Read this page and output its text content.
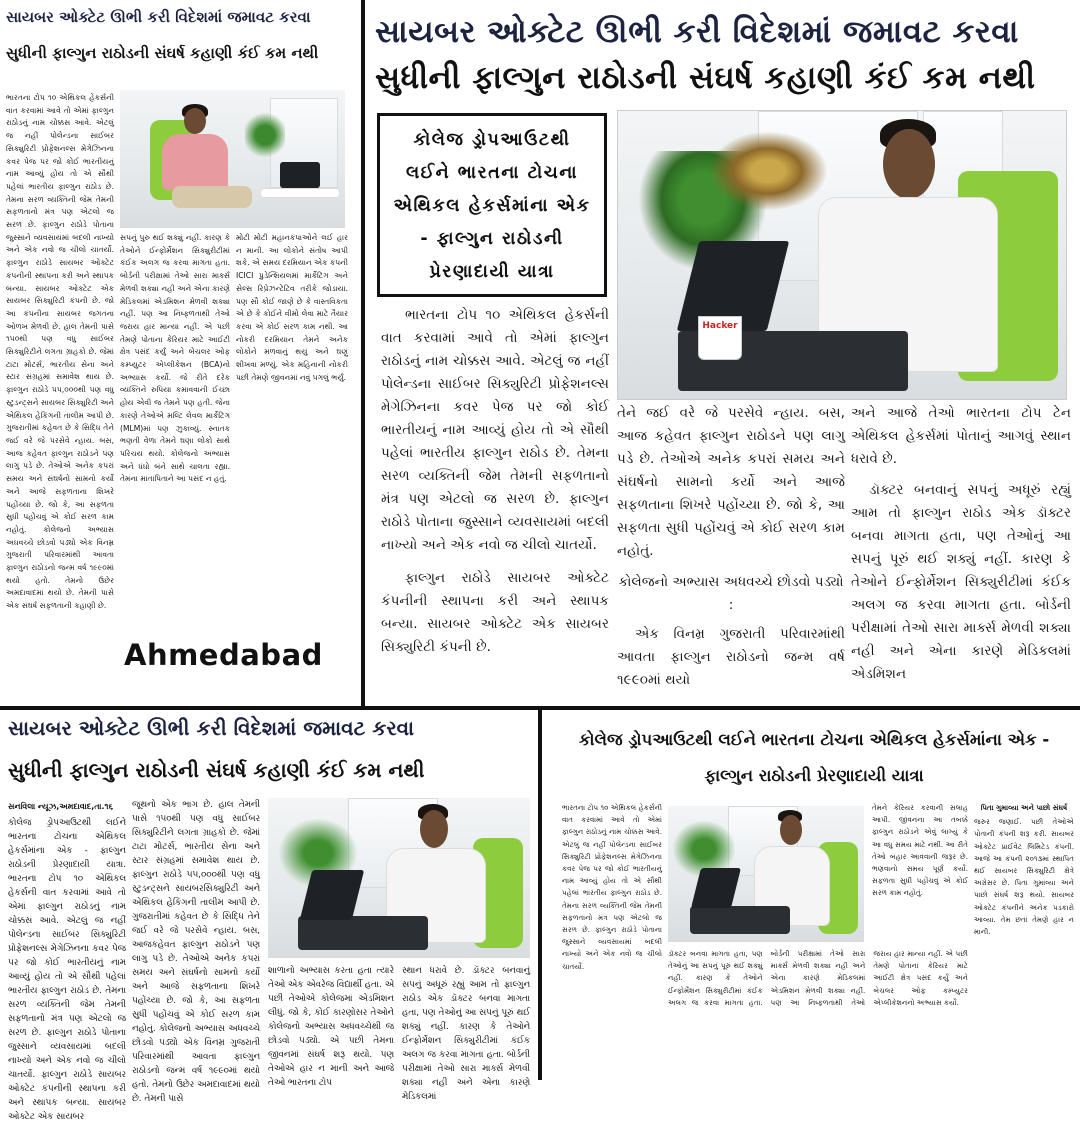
સાયબર ઓક્ટેટ ઊભી કરી વિદેશમાં જમાવટ કરવા
સુધીની ફાલ્ગુન રાઠોડની સંઘર્ષ કહાણી કંઈ કમ નથી

ભારતના ટોપ ૧૦ એથિકલ હેકર્સની વાત કરવામાં આવે તો એમાં ફાલ્ગુન રાઠોડનું નામ ચોક્કસ આવે. એટલું જ નહીં પોલેન્ડના સાઈબર સિક્યુરિટી પ્રોફેશનલ્સ મેગેઝિનના કવર પેજ પર જો કોઈ ભારતીયનું નામ આવ્યું હોય તો એ સૌથી પહેલાં ભારતીય ફાલ્ગુન રાઠોડ છે. તેમના સરળ વ્યક્તિની જેમ તેમની સફળતાનો મંત્ર પણ એટલો જ સરળ છે. ફાલ્ગુન રાઠોડે પોતાના જુસ્સાને વ્યવસાયમાં બદલી નાખ્યો અને એક નવો જ ચીલો ચાતર્યો. ફાલ્ગુન રાઠોડે સાયબર ઓક્ટેટ કંપનીની સ્થાપના કરી અને સ્થાપક બન્યા. સાયબર ઓક્ટેટ એક સાયબર સિક્યુરિટી કંપની છે. જો આ કંપનીના સાયબર જગતના ઓળખ મેળવી છે. હાલ તેમની પાસે ૧૫૦થી પણ વધુ સાઈબર સિક્યુરિટીને લગતા ગ્રાહકો છે. જેમાં ટાટા મોટર્સ, ભારતીય સેના અને સ્ટાર સંગ્રહમાં સમાવેશ થાય છે. ફાલ્ગુન રાઠોડે ૫૫,૦૦૦થી પણ વધુ સ્ટુડન્ટ્સને સાયબર સિક્યુરિટી અને એથિકલ હેકિંગની તાલીમ આપી છે. ગુજરાતીમાં કહેવત છે કે સિદ્ધિ તેને જઈ વરે જે પરસેવે ન્હાય. બસ, આજ કહેવત ફાલ્ગુન રાઠોડને પણ લાગુ પડે છે. તેઓએ અનેક કપરાં સમય અને સંઘર્ષનો સામનો કર્યો અને આજે સફળતાના શિખરે પહોંચ્યા છે. જો કે, આ સફળતા સુધી પહોંચવું એ કોઈ સરળ કામ નહોતું. કોલેજનો અભ્યાસ અધવચ્ચે છોડવો પડ્યો એક વિનમ્ર ગુજરાતી પરિવારમાંથી આવતા ફાલ્ગુન રાઠોડનો જન્મ વર્ષ ૧૯૯૦માં થયો હતો. તેમનો ઉછેર અમદાવાદમાં થયો છે. તેમની પાસે એક સંઘર્ષ સફળતાની કહાણી છે.

સપનું પુરુ થઈ શક્યું નહીં. કારણ કે તેઓને ઈન્ફોર્મેશન સિક્યુરીટીમાં કંઈક અલગ જ કરવા માગતા હતા. બોર્ડની પરીક્ષામાં તેઓ સારા માર્ક્સ મેળવી શક્યા નહી અને એના કારણે મેડિકલમાં એડમિશન મેળવી શક્યા નહીં. પણ આ નિષ્ફળતાથી તેઓ જરાય હાર માન્યા નહીં. એ પછી તેમણે પોતાના કેરિયર માટે આઈટી ક્ષેત્ર પસંદ કર્યું અને બેચલર ઓફ કમ્પ્યુટર એપ્લીકેશન (BCA)નો અભ્યાસ કર્યો. જે રીતે દરેક વ્યક્તિને રુપિયા કમાવવાની ઈચ્છા હોય એવી જ તેમને પણ હતી. જેના કારણે તેઓએ મલ્ટિ લેવલ માર્કેટિંગ (MLM)માં પણ ઝુકાવ્યું. સ્નાતક ભણતી વેળા તેમને ઘણા લોકો સાથે પરિચય થયો. કોલેજનો અભ્યાસ અને ધંધો બંને સાથે ચાલતા રહ્યા. તેમના માતાપિતાને આ પસંદ ન હતું.

મોટી મોટી મહાનકંપાઓને લઈ હાર ન માની. આ લોકોને સંતોષ આપી શકે. એ સમય દરમિયાન એક કંપની ICICI પ્રુડેન્શિયલમાં માર્કેટિંગ અને સેલ્સ રિપ્રેઝન્ટેટિવ તરીકે જોડાયા. પણ સૌ કોઈ જાણે છે કે વાસ્તવિકતા એ છે કે કોઈને વીમો લેવા માટે તૈયાર કરવા એ કોઈ સરળ કામ નથી. આ નોકરી દરમિયાન તેમને અનેક લોકોને મળવાનું થયું અને ઘણું શીખવા મળ્યું. એક મહિનાની નોકરી પછી તેમણે જીવનમાં નવું પગલું ભર્યું.

Ahmedabad
સાયબર ઓક્ટેટ ઊભી કરી વિદેશમાં જમાવટ કરવા
સુધીની ફાલ્ગુન રાઠોડની સંઘર્ષ કહાણી કંઈ કમ નથી
કોલેજ ડ્રોપઆઉટથી લઈને ભારતના ટોચના એથિકલ હેકર્સમાંના એક - ફાલ્ગુન રાઠોડની પ્રેરણાદાયી યાત્રા
Hacker

ભારતના ટોપ ૧૦ એથિકલ હેકર્સની વાત કરવામાં આવે તો એમાં ફાલ્ગુન રાઠોડનું નામ ચોક્કસ આવે. એટલું જ નહીં પોલેન્ડના સાઈબર સિક્યુરિટી પ્રોફેશનલ્સ મેગેઝિનના કવર પેજ પર જો કોઈ ભારતીયનું નામ આવ્યું હોય તો એ સૌથી પહેલાં ભારતીય ફાલ્ગુન રાઠોડ છે. તેમના સરળ વ્યક્તિની જેમ તેમની સફળતાનો મંત્ર પણ એટલો જ સરળ છે. ફાલ્ગુન રાઠોડે પોતાના જુસ્સાને વ્યવસાયમાં બદલી નાખ્યો અને એક નવો જ ચીલો ચાતર્યો.

ફાલ્ગુન રાઠોડે સાયબર ઓક્ટેટ કંપનીની સ્થાપના કરી અને સ્થાપક બન્યા. સાયબર ઓક્ટેટ એક સાયબર સિક્યુરિટી કંપની છે.

તેને જઈ વરે જે પરસેવે ન્હાય. બસ, આજ કહેવત ફાલ્ગુન રાઠોડને પણ લાગુ પડે છે. તેઓએ અનેક કપરાં સમય અને સંઘર્ષનો સામનો કર્યો અને આજે સફળતાના શિખરે પહોંચ્યા છે. જો કે, આ સફળતા સુધી પહોંચવું એ કોઈ સરળ કામ નહોતું.

કોલેજનો અભ્યાસ અધવચ્ચે છોડવો પડ્યો :

એક વિનમ્ર ગુજરાતી પરિવારમાંથી આવતા ફાલ્ગુન રાઠોડનો જન્મ વર્ષ ૧૯૯૦માં થયો

અને આજે તેઓ ભારતના ટોપ ટેન એથિકલ હેકર્સમાં પોતાનું આગવું સ્થાન ધરાવે છે.

ડૉક્ટર બનવાનું સપનું અધૂરું રહ્યું આમ તો ફાલ્ગુન રાઠોડ એક ડૉક્ટર બનવા માગતા હતા, પણ તેઓનું આ સપનું પૂરું થઈ શક્યું નહીં. કારણ કે તેઓને ઈન્ફોર્મેશન સિક્યુરીટીમાં કંઈક અલગ જ કરવા માગતા હતા. બોર્ડની પરીક્ષામાં તેઓ સારા માર્ક્સ મેળવી શક્યા નહી અને એના કારણે મેડિકલમાં એડમિશન

સાયબર ઓક્ટેટ ઊભી કરી વિદેશમાં જમાવટ કરવા
સુધીની ફાલ્ગુન રાઠોડની સંઘર્ષ કહાણી કંઈ કમ નથી
સનવિલા ન્યૂઝ,અમદાવાદ,તા.૧૬

કોલેજ ડ્રોપઆઉટથી લઈને ભારતના ટોચના એથિકલ હેકર્સમાંના એક - ફાલ્ગુન રાઠોડની પ્રેરણાદાયી યાત્રા. ભારતના ટોપ ૧૦ એથિકલ હેકર્સની વાત કરવામાં આવે તો એમાં ફાલ્ગુન રાઠોડનું નામ ચોક્કસ આવે. એટલું જ નહીં પોલેન્ડના સાઈબર સિક્યુરિટી પ્રોફેશનલ્સ મેગેઝિનના કવર પેજ પર જો કોઈ ભારતીયનું નામ આવ્યું હોય તો એ સૌથી પહેલાં ભારતીય ફાલ્ગુન રાઠોડ છે. તેમના સરળ વ્યક્તિની જેમ તેમની સફળતાનો મંત્ર પણ એટલો જ સરળ છે. ફાલ્ગુન રાઠોડે પોતાના જુસ્સાને વ્યવસાયમાં બદલી નાખ્યો અને એક નવો જ ચીલો ચાતર્યો. ફાલ્ગુન રાઠોડે સાયબર ઓક્ટેટ કંપનીની સ્થાપના કરી અને સ્થાપક બન્યા. સાયબર ઓક્ટેટ એક સાયબર

જૂથનો એક ભાગ છે. હાલ તેમની પાસે ૧૫૦થી પણ વધુ સાઈબર સિક્યુરિટીને લગતા ગ્રાહકો છે. જેમાં ટાટા મોટર્સ, ભારતીય સેના અને સ્ટાર સંગ્રહમાં સમાવેશ થાય છે. ફાલ્ગુન રાઠોડે ૫૫,૦૦૦થી પણ વધુ સ્ટુડન્ટ્સને સાયબરસિક્યુરિટી અને એથિકલ હેકિંગની તાલીમ આપી છે. ગુજરાતીમાં કહેવત છે કે સિદ્ધિ તેને જઈ વરે જે પરસેવે ન્હાય. બસ, આજકહેવત ફાલ્ગુન રાઠોડને પણ લાગુ પડે છે. તેઓએ અનેક કપરાં સમય અને સંઘર્ષનો સામનો કર્યો અને આજે સફળતાના શિખરે પહોંચ્યા છે. જો કે, આ સફળતા સુધી પહોંચવું એ કોઈ સરળ કામ નહોતું. કોલેજનો અભ્યાસ અધવચ્ચે છોડવો પડ્યો એક વિનમ્ર ગુજરાતી પરિવારમાંથી આવતા ફાલ્ગુન રાઠોડનો જન્મ વર્ષ ૧૯૯૦માં થયો હતો. તેમનો ઉછેર અમદાવાદમાં થયો છે. તેમની પાસે

શાળાનો અભ્યાસ કરતા હતા ત્યારે તેઓ એક એવરેજ વિદ્યાર્થી હતા. એ પછી તેઓએ કોલેજમાં એડમિશન લીધું. જો કે, કોઈ કારણોસર તેઓને કોલેજનો અભ્યાસ અધવચ્ચેથી જ છોડવો પડ્યો. એ પછી તેમના જીવનમાં સંઘર્ષ શરૂ થયો. પણ તેઓએ હાર ન માની અને આજે તેઓ ભારતના ટોપ

સ્થાન ધરાવે છે. ડૉક્ટર બનવાનું સપનું અધૂરું રહ્યું આમ તો ફાલ્ગુન રાઠોડ એક ડૉક્ટર બનવા માગતા હતા, પણ તેઓનું આ સપનું પૂરું થઈ શક્યું નહીં. કારણ કે તેઓને ઈન્ફોર્મેશન સિક્યુરીટીમાં કંઈક અલગ જ કરવા માગતા હતા. બોર્ડની પરીક્ષામાં તેઓ સારા માર્ક્સ મેળવી શક્યા નહી અને એના કારણે મેડિકલમાં

કોલેજ ડ્રોપઆઉટથી લઈને ભારતના ટોચના એથિકલ હેકર્સમાંના એક - ફાલ્ગુન રાઠોડની પ્રેરણાદાયી યાત્રા

ભારતના ટોપ ૧૦ એથિકલ હેકર્સની વાત કરવામાં આવે તો એમાં ફાલ્ગુન રાઠોડનું નામ ચોક્કસ આવે. એટલું જ નહીં પોલેન્ડના સાઈબર સિક્યુરિટી પ્રોફેશનલ્સ મેગેઝિનના કવર પેજ પર જો કોઈ ભારતીયનું નામ આવ્યું હોય તો એ સૌથી પહેલાં ભારતીય ફાલ્ગુન રાઠોડ છે. તેમના સરળ વ્યક્તિની જેમ તેમની સફળતાનો મંત્ર પણ એટલો જ સરળ છે. ફાલ્ગુન રાઠોડે પોતાના જુસ્સાને વ્યવસાયમાં બદલી નાખ્યો અને એક નવો જ ચીલો ચાતર્યો.

તેમને કેરિયર કરવાની સલાહ આપી. જીવનના આ તબક્કે ફાલ્ગુન રાઠોડને એવું લાગ્યું કે આ વધુ સમય માટે નથી. આ રીતે તેઓ બહાર આવવાની જરૂર છે. ભણવાનો સમય પૂર્ણ કર્યો. સફળતા સુધી પહોંચવું એ કોઈ સરળ કામ નહોતું.

પિતા ગુમાવ્યા અને પાછો સંઘર્ષ

જરુર જણાઈ. પછી તેઓએ પોતાની કંપની શરૂ કરી. સાયબર ઓક્ટેટ પ્રાઈવેટ લિમિટેડ કંપની. આજે આ કંપની ૨૦૧૩માં સ્થાપિત થઈ સાયબર સિક્યુરિટી ક્ષેત્રે અગ્રેસર છે. પિતા ગુમાવ્યા અને પાછો સંઘર્ષ શરૂ થયો. સાયબર ઓક્ટેટ કંપનીને અનેક પડકારો આવ્યા. તેમ છતાં તેમણે હાર ન માની.

ડૉક્ટર બનવા માગતા હતા, પણ તેઓનું આ સપનું પૂરું થઈ શક્યું નહીં. કારણ કે તેઓને ઈન્ફોર્મેશન સિક્યુરીટીમાં કંઈક અલગ જ કરવા માગતા હતા. બોર્ડની પરીક્ષામાં તેઓ સારા માર્ક્સ મેળવી શક્યા નહી અને એના કારણે મેડિકલમાં એડમિશન મેળવી શક્યા નહીં. પણ આ નિષ્ફળતાથી તેઓ જરાય હાર માન્યા નહીં. એ પછી તેમણે પોતાના કેરિયર માટે આઈટી ક્ષેત્ર પસંદ કર્યું અને બેચલર ઓફ કમ્પ્યુટર એપ્લીકેશનનો અભ્યાસ કર્યો.
